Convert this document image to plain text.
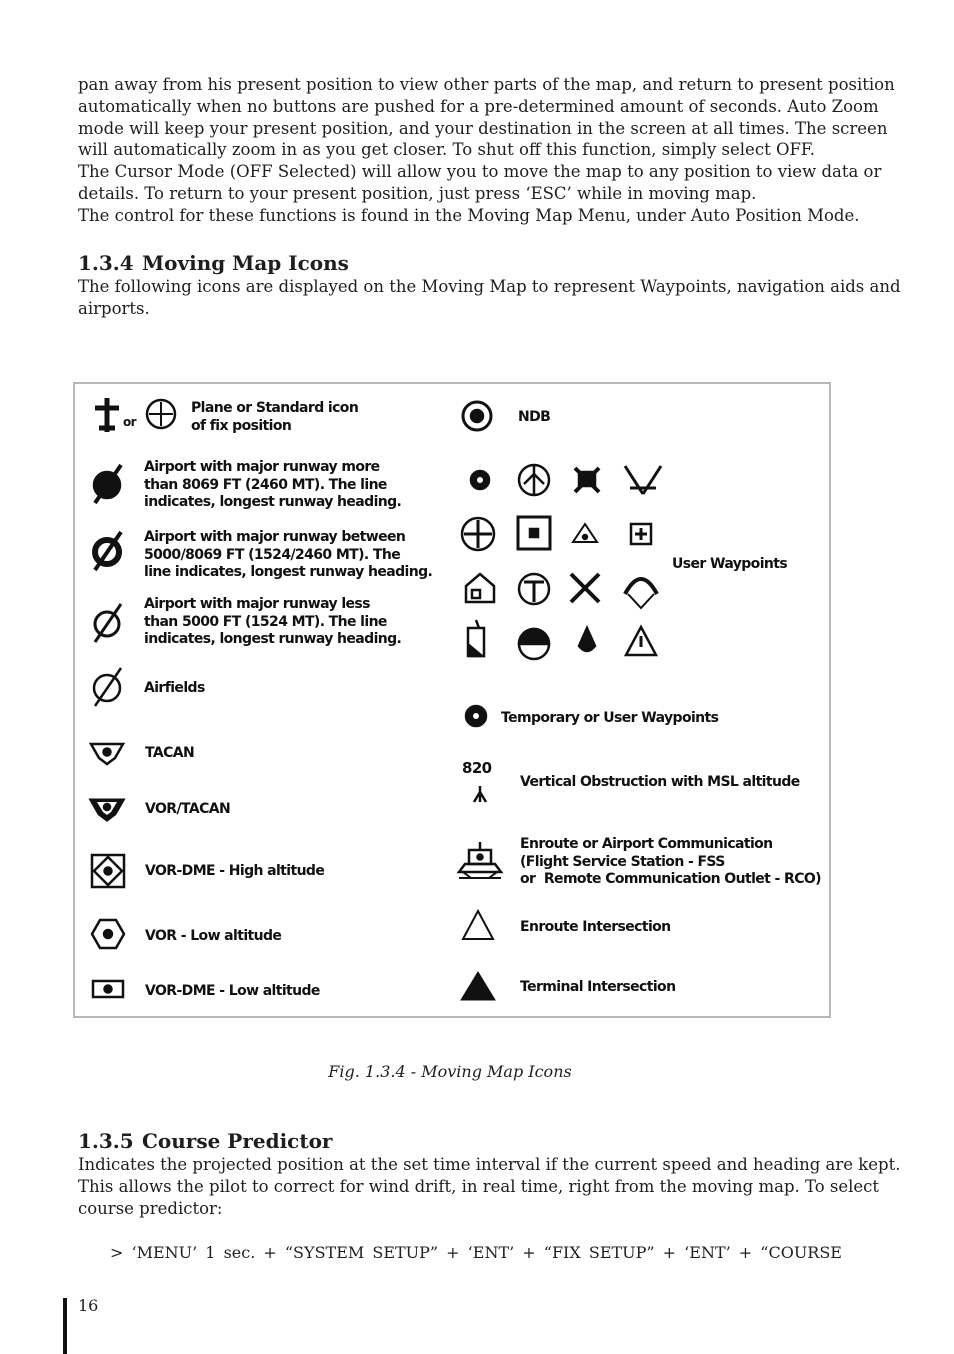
pan away from his present position to view other parts of the map, and return to present position
automatically when no buttons are pushed for a pre-determined amount of seconds. Auto Zoom
mode will keep your present position, and your destination in the screen at all times. The screen
will automatically zoom in as you get closer. To shut off this function, simply select OFF.
The Cursor Mode (OFF Selected) will allow you to move the map to any position to view data or
details. To return to your present position, just press ‘ESC’ while in moving map.
The control for these functions is found in the Moving Map Menu, under Auto Position Mode.
1.3.4 Moving Map Icons
The following icons are displayed on the Moving Map to represent Waypoints, navigation aids and
airports.
or
Plane or Standard icon
of fix position
Airport with major runway more
than 8069 FT (2460 MT). The line
indicates, longest runway heading.
Airport with major runway between
5000/8069 FT (1524/2460 MT). The
line indicates, longest runway heading.
Airport with major runway less
than 5000 FT (1524 MT). The line
indicates, longest runway heading.
Airfields
TACAN
VOR/TACAN
VOR-DME - High altitude
VOR - Low altitude
VOR-DME - Low altitude
NDB
User Waypoints
Temporary or User Waypoints
820
Vertical Obstruction with MSL altitude
Enroute or Airport Communication
(Flight Service Station - FSS
or  Remote Communication Outlet - RCO)
Enroute Intersection
Terminal Intersection
Fig. 1.3.4 - Moving Map Icons
1.3.5 Course Predictor
Indicates the projected position at the set time interval if the current speed and heading are kept.
This allows the pilot to correct for wind drift, in real time, right from the moving map. To select
course predictor:
> ‘MENU’ 1 sec. + “SYSTEM SETUP” + ‘ENT’ + “FIX SETUP” + ‘ENT’ + “COURSE
16
